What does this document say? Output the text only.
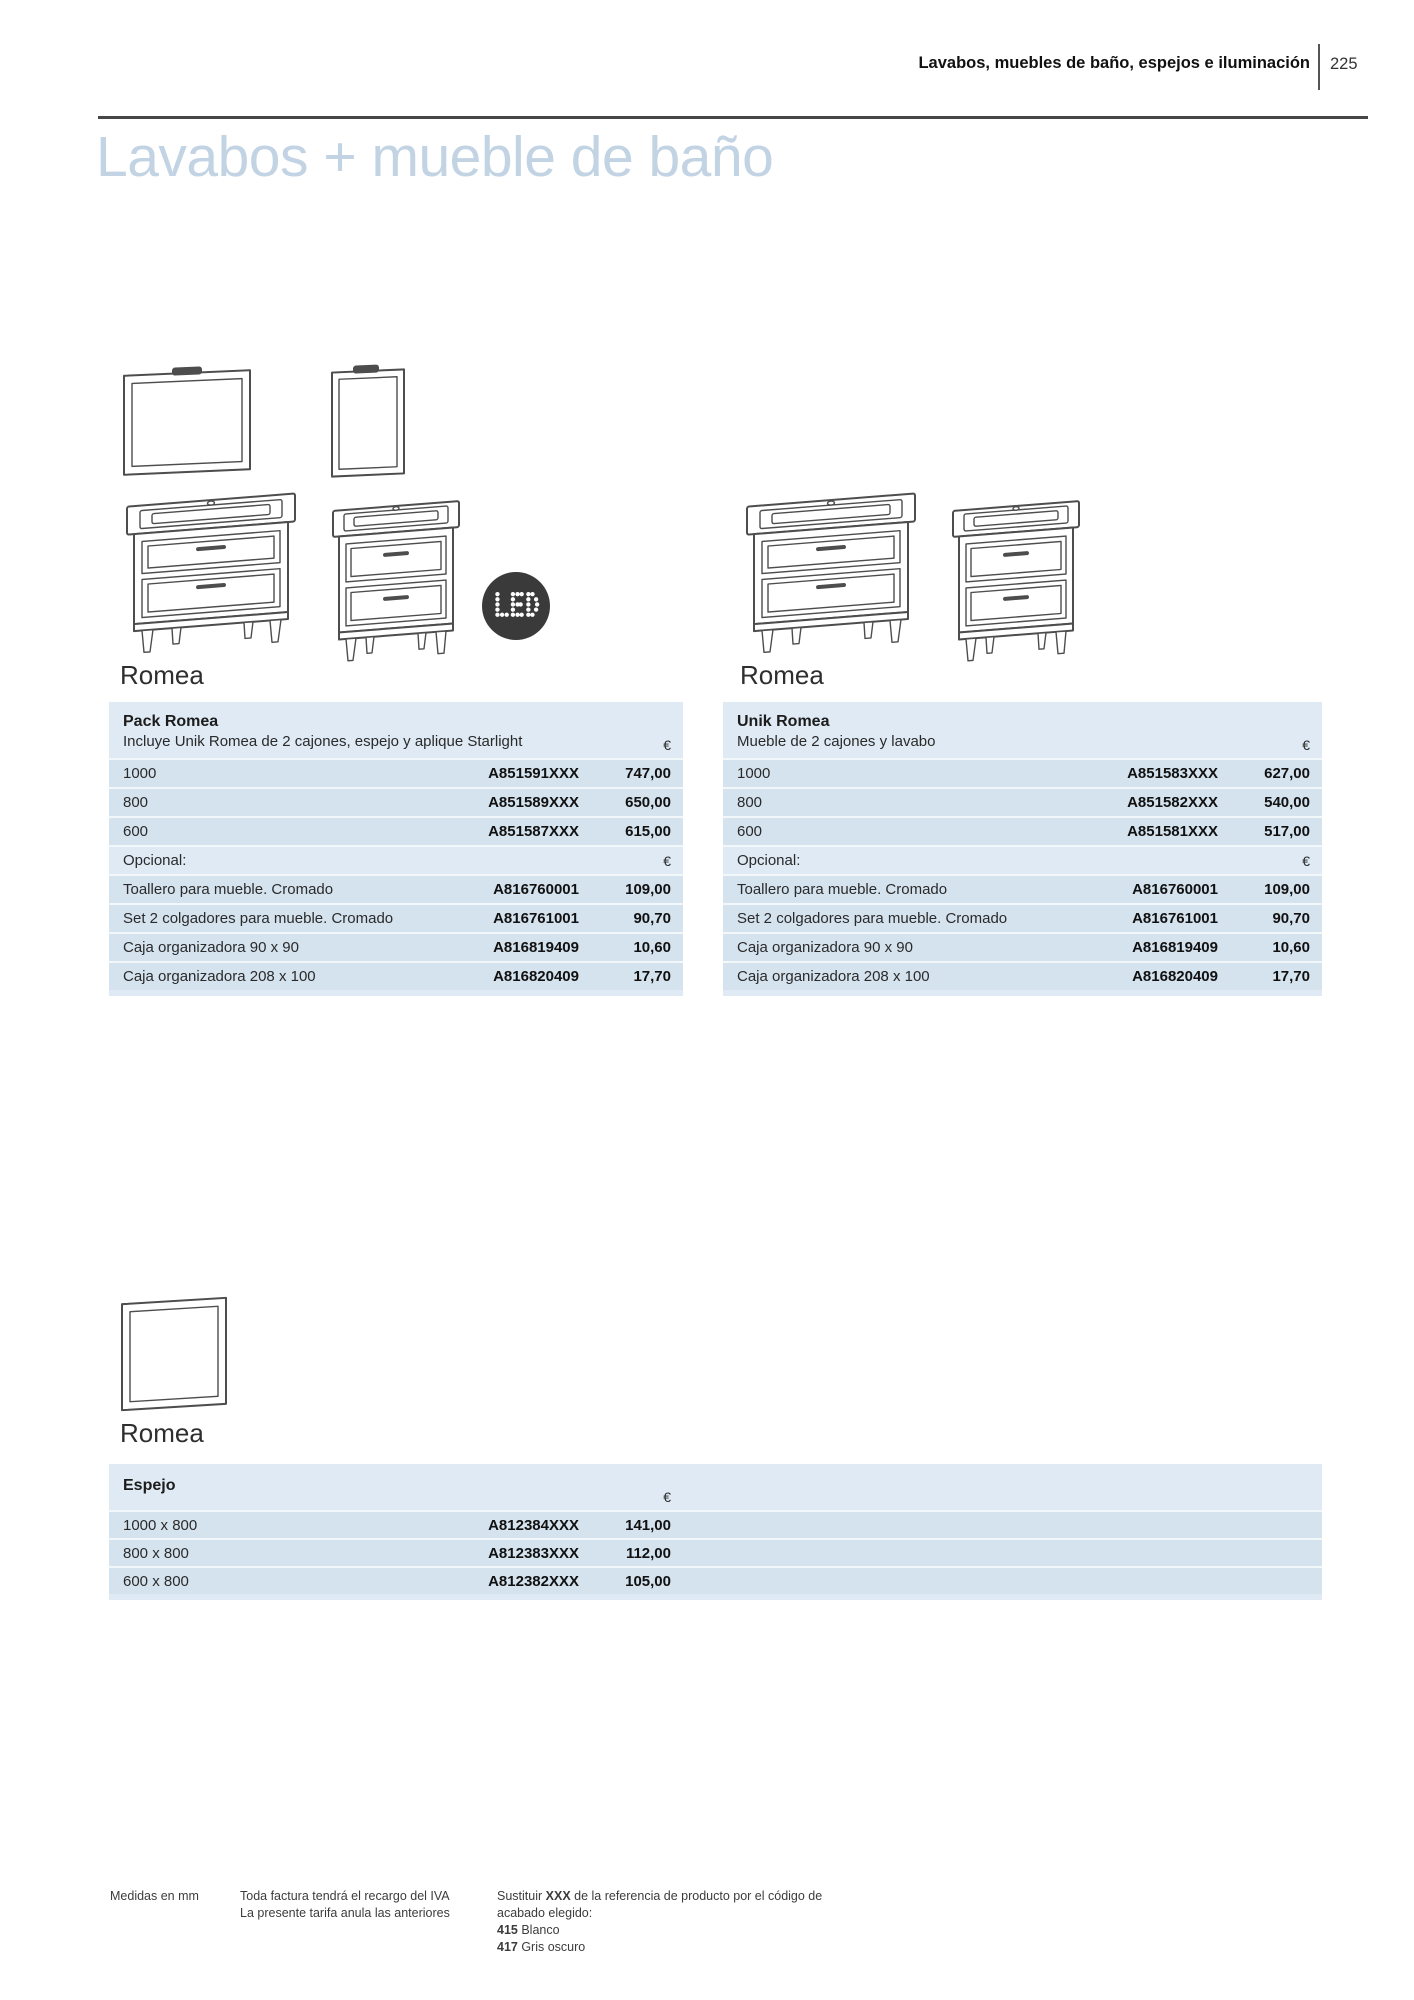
Lavabos, muebles de baño, espejos e iluminación 225
Lavabos + mueble de baño
Romea	Romea
Pack Romea
Incluye Unik Romea de 2 cajones, espejo y aplique Starlight	€
1000	A851591XXX	747,00
800	A851589XXX	650,00
600	A851587XXX	615,00
Opcional:	€
Toallero para mueble. Cromado	A816760001	109,00
Set 2 colgadores para mueble. Cromado	A816761001	90,70
Caja organizadora 90 x 90	A816819409	10,60
Caja organizadora 208 x 100	A816820409	17,70
Unik Romea
Mueble de 2 cajones y lavabo	€
1000	A851583XXX	627,00
800	A851582XXX	540,00
600	A851581XXX	517,00
Opcional:	€
Toallero para mueble. Cromado	A816760001	109,00
Set 2 colgadores para mueble. Cromado	A816761001	90,70
Caja organizadora 90 x 90	A816819409	10,60
Caja organizadora 208 x 100	A816820409	17,70
Romea
Espejo
€
1000 x 800	A812384XXX	141,00
800 x 800	A812383XXX	112,00
600 x 800	A812382XXX	105,00
Medidas en mm	Toda factura tendrá el recargo del IVA
La presente tarifa anula las anteriores
Sustituir XXX de la referencia de producto por el código de
acabado elegido:
415 Blanco
417 Gris oscuro
